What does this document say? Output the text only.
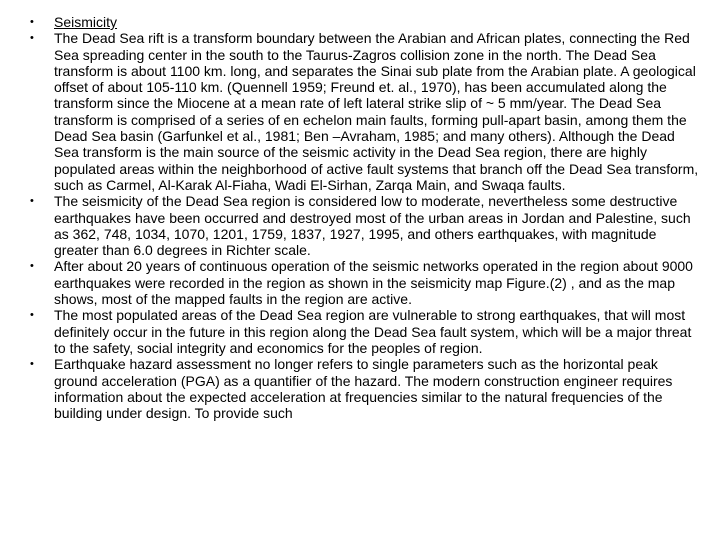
• Seismicity
• The Dead Sea rift is a transform boundary between the Arabian and African plates, connecting the Red Sea spreading center in the south to the Taurus-Zagros collision zone in the north. The Dead Sea transform is about 1100 km. long, and separates the Sinai sub plate from the Arabian plate. A geological offset of about 105-110 km. (Quennell 1959; Freund et. al., 1970), has been accumulated along the transform since the Miocene at a mean rate of left lateral strike slip of ~ 5 mm/year. The Dead Sea transform is comprised of a series of en echelon main faults, forming pull-apart basin, among them the Dead Sea basin (Garfunkel et al., 1981; Ben –Avraham, 1985; and many others). Although the Dead Sea transform is the main source of the seismic activity in the Dead Sea region, there are highly populated areas within the neighborhood of active fault systems that branch off the Dead Sea transform, such as Carmel, Al-Karak Al-Fiaha, Wadi El-Sirhan, Zarqa Main, and Swaqa faults.
• The seismicity of the Dead Sea region is considered low to moderate, nevertheless some destructive earthquakes have been occurred and destroyed most of the urban areas in Jordan and Palestine, such as 362, 748, 1034, 1070, 1201, 1759, 1837, 1927, 1995, and others earthquakes, with magnitude greater than 6.0 degrees in Richter scale.
• After about 20 years of continuous operation of the seismic networks operated in the region about 9000 earthquakes were recorded in the region as shown in the seismicity map Figure.(2) , and as the map shows, most of the mapped faults in the region are active.
• The most populated areas of the Dead Sea region are vulnerable to strong earthquakes, that will most definitely occur in the future in this region along the Dead Sea fault system, which will be a major threat to the safety, social integrity and economics for the peoples of region.
• Earthquake hazard assessment no longer refers to single parameters such as the horizontal peak ground acceleration (PGA) as a quantifier of the hazard. The modern construction engineer requires information about the expected acceleration at frequencies similar to the natural frequencies of the building under design. To provide such
